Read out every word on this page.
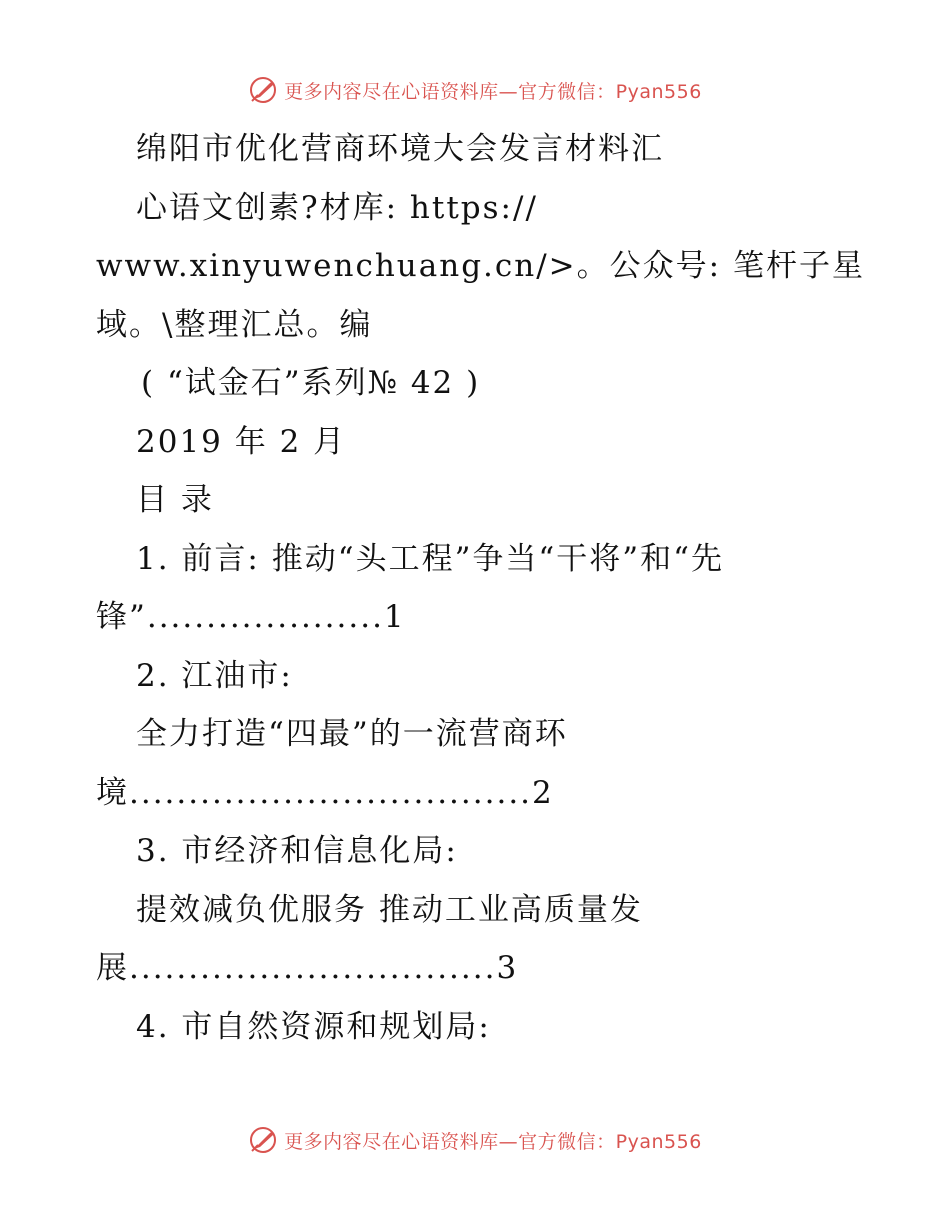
更多内容尽在心语资料库—官方微信：Pyan556
绵阳市优化营商环境大会发言材料汇
心语文创素?材库: https://
www.xinyuwenchuang.cn/>。公众号: 笔杆子星
域。\整理汇总。编
( “试金石”系列№ 42 )
2019 年 2 月
目 录
1. 前言: 推动“头工程”争当“干将”和“先
锋”....................1
2. 江油市:
全力打造“四最”的一流营商环
境..................................2
3. 市经济和信息化局:
提效减负优服务 推动工业高质量发
展...............................3
4. 市自然资源和规划局:
更多内容尽在心语资料库—官方微信：Pyan556
